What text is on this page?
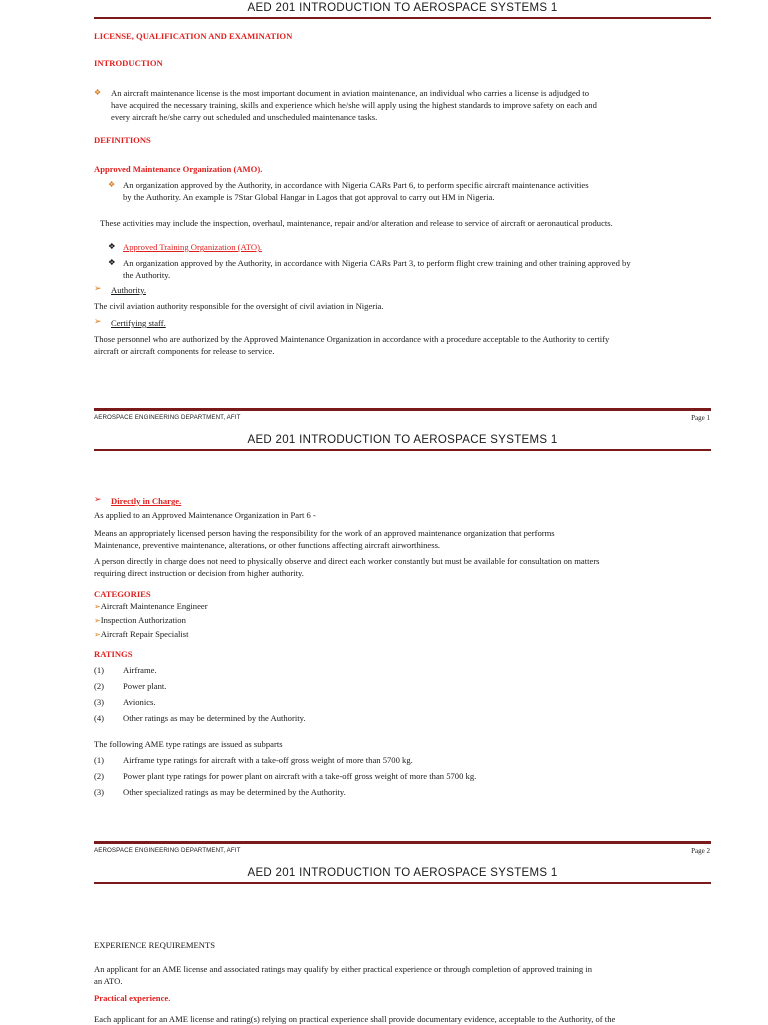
AED 201 INTRODUCTION TO AEROSPACE SYSTEMS 1
LICENSE, QUALIFICATION AND EXAMINATION
INTRODUCTION
❖ An aircraft maintenance license is the most important document in aviation maintenance, an individual who carries a license is adjudged to
have acquired the necessary training, skills and experience which he/she will apply using the highest standards to improve safety on each and
every aircraft he/she carry out scheduled and unscheduled maintenance tasks.
DEFINITIONS
Approved Maintenance Organization (AMO).
❖ An organization approved by the Authority, in accordance with Nigeria CARs Part 6, to perform specific aircraft maintenance activities
by the Authority. An example is 7Star Global Hangar in Lagos that got approval to carry out HM in Nigeria.
These activities may include the inspection, overhaul, maintenance, repair and/or alteration and release to service of aircraft or aeronautical products.
❖ Approved Training Organization (ATO).
❖ An organization approved by the Authority, in accordance with Nigeria CARs Part 3, to perform flight crew training and other training approved by
the Authority.
➢ Authority.
The civil aviation authority responsible for the oversight of civil aviation in Nigeria.
➢ Certifying staff.
Those personnel who are authorized by the Approved Maintenance Organization in accordance with a procedure acceptable to the Authority to certify
aircraft or aircraft components for release to service.
AEROSPACE ENGINEERING DEPARTMENT, AFIT	Page 1
AED 201 INTRODUCTION TO AEROSPACE SYSTEMS 1
➢ Directly in Charge.
As applied to an Approved Maintenance Organization in Part 6 -
Means an appropriately licensed person having the responsibility for the work of an approved maintenance organization that performs
Maintenance, preventive maintenance, alterations, or other functions affecting aircraft airworthiness.
A person directly in charge does not need to physically observe and direct each worker constantly but must be available for consultation on matters
requiring direct instruction or decision from higher authority.
CATEGORIES
➢Aircraft Maintenance Engineer
➢Inspection Authorization
➢Aircraft Repair Specialist
RATINGS
(1) Airframe.
(2) Power plant.
(3) Avionics.
(4) Other ratings as may be determined by the Authority.
The following AME type ratings are issued as subparts
(1) Airframe type ratings for aircraft with a take-off gross weight of more than 5700 kg.
(2) Power plant type ratings for power plant on aircraft with a take-off gross weight of more than 5700 kg.
(3) Other specialized ratings as may be determined by the Authority.
AEROSPACE ENGINEERING DEPARTMENT, AFIT	Page 2
AED 201 INTRODUCTION TO AEROSPACE SYSTEMS 1
EXPERIENCE REQUIREMENTS
An applicant for an AME license and associated ratings may qualify by either practical experience or through completion of approved training in
an ATO.
Practical experience.
Each applicant for an AME license and rating(s) relying on practical experience shall provide documentary evidence, acceptable to the Authority, of the
